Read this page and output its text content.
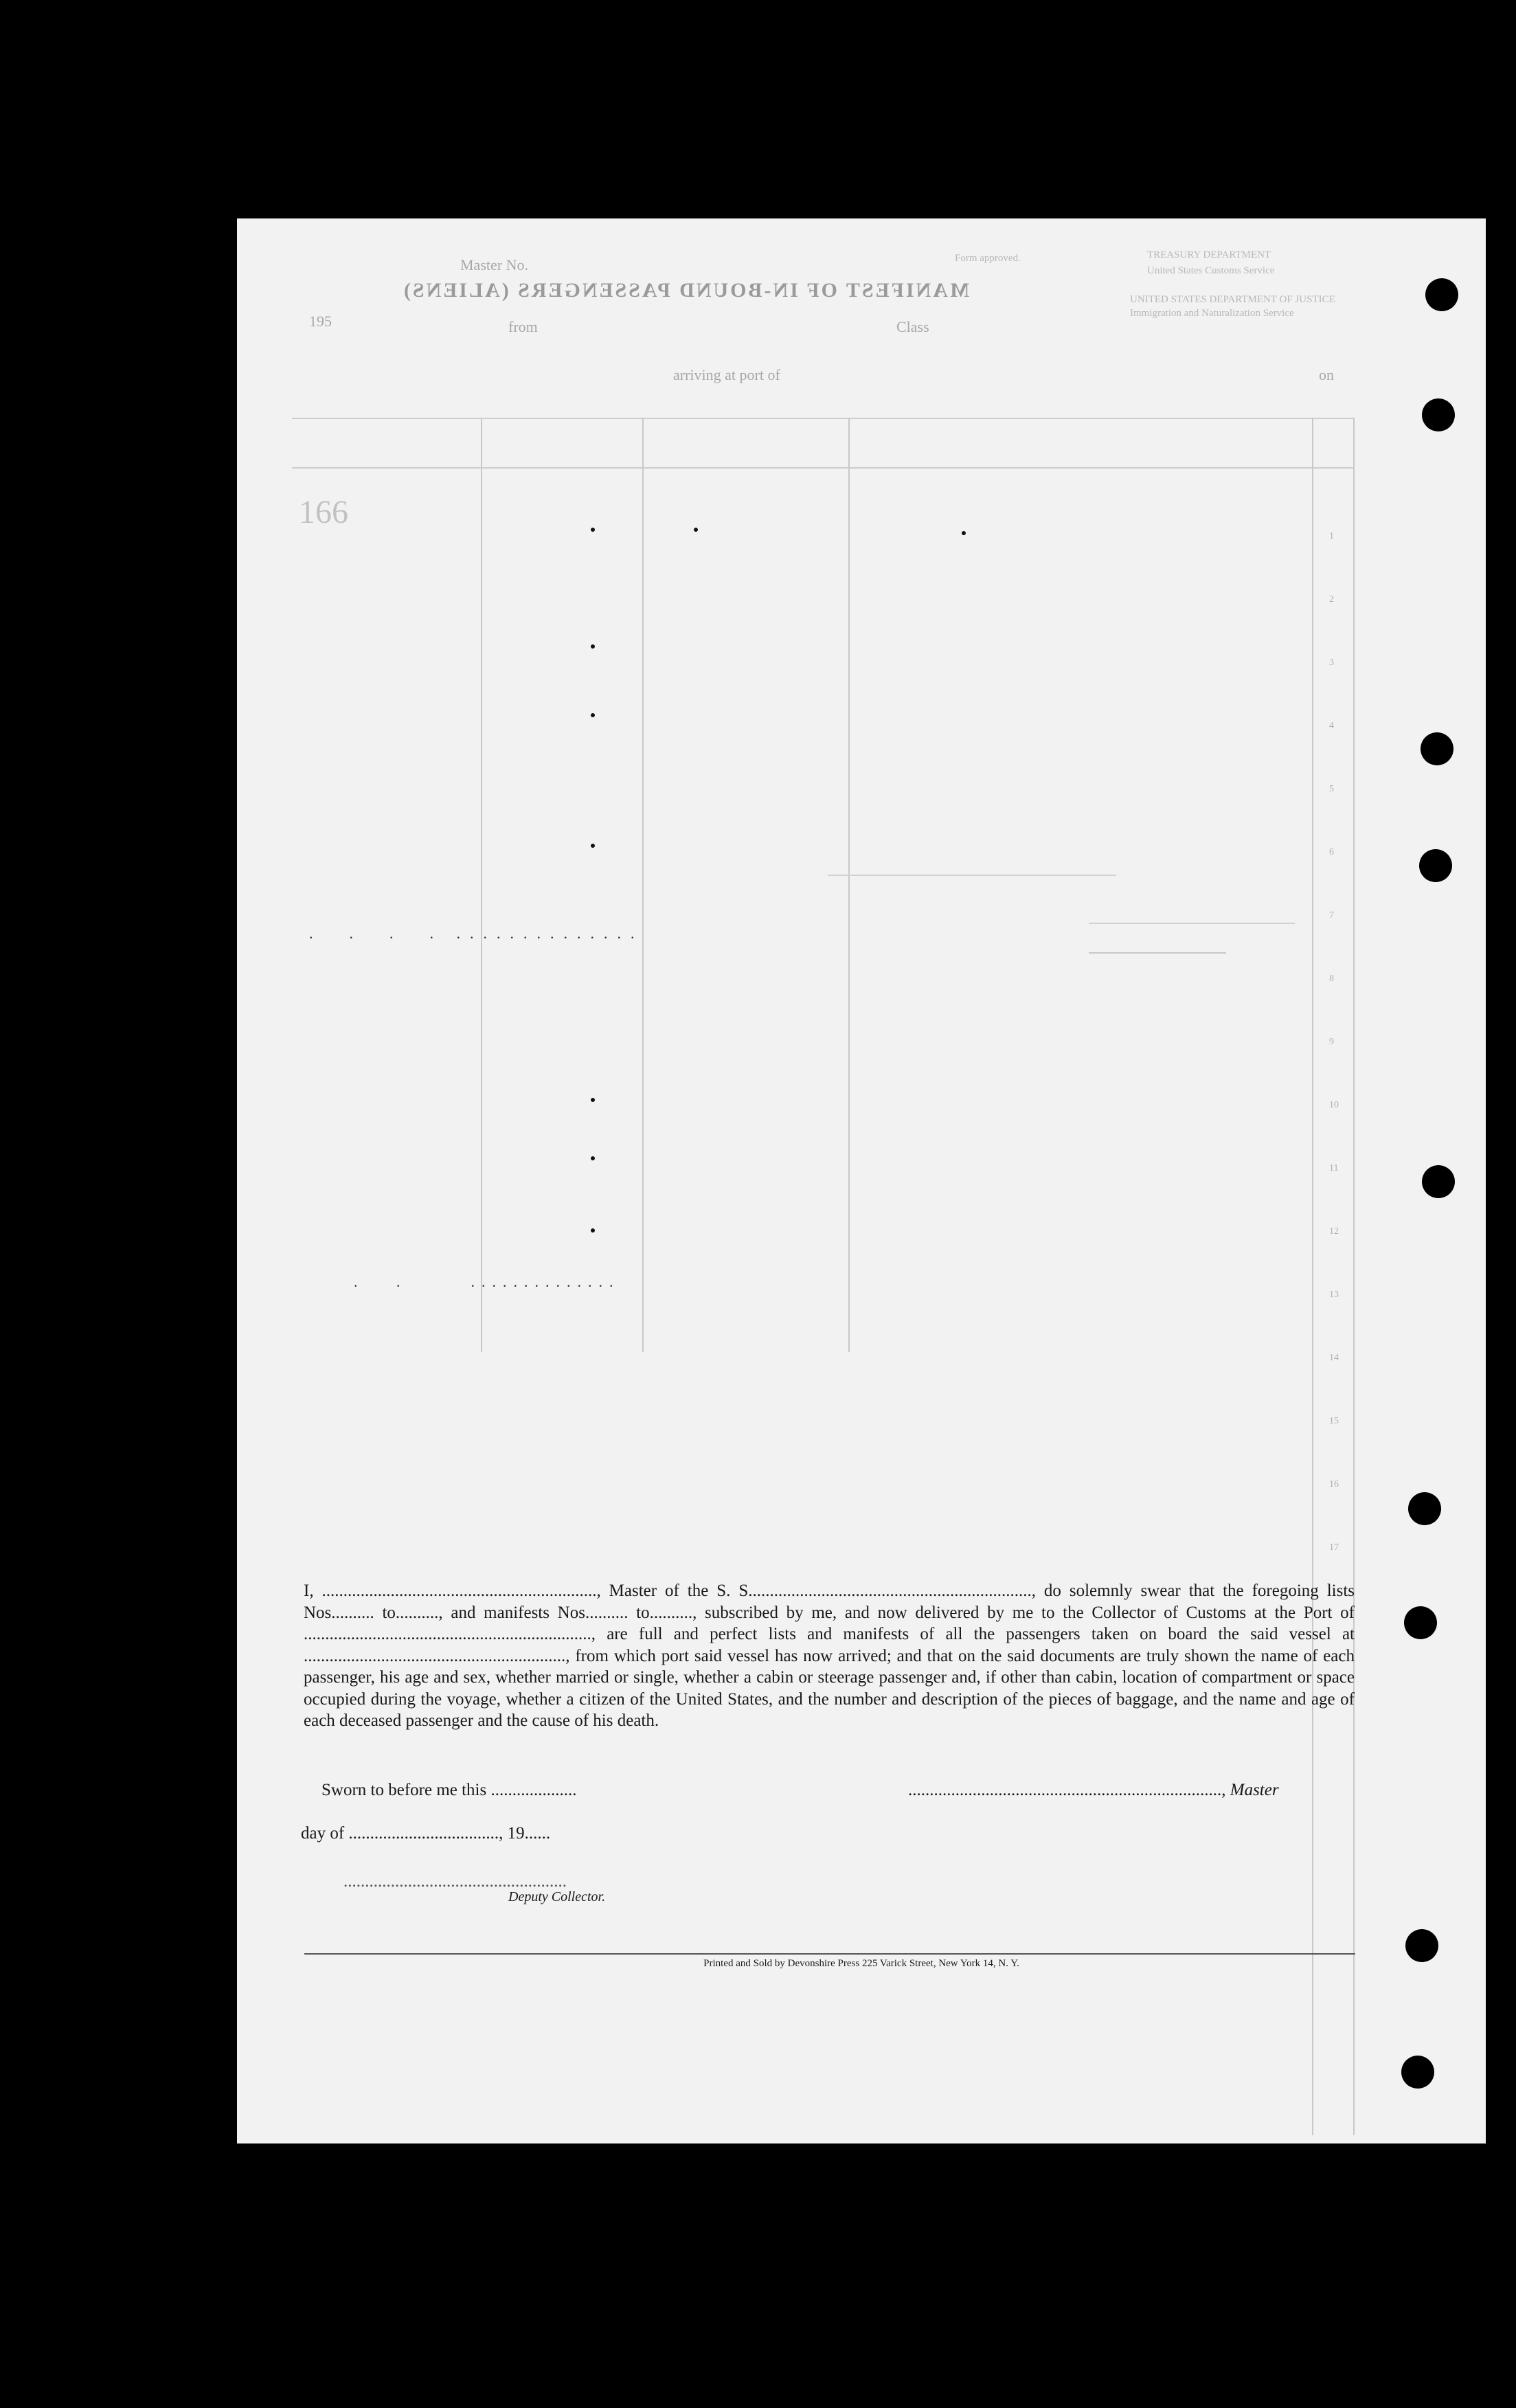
Master No.
MANIFEST OF IN-BOUND PASSENGERS (ALIENS)
Class
from
arriving at port of	on
TREASURY DEPARTMENT
United States Customs Service
UNITED STATES DEPARTMENT OF JUSTICE
Immigration and Naturalization Service
Form approved.
195
166
1
2
3
4
5
6
7
8
9
10
11
12
13
14
15
16
17
.  .  .  . ..............
.   .      ..............

I, ................................................................, Master of the S. S.................................................................., do solemnly swear that the foregoing lists Nos.......... to.........., and manifests Nos.......... to.........., subscribed by me, and now delivered by me to the Collector of Customs at the Port of ..................................................................., are full and perfect lists and manifests of all the passengers taken on board the said vessel at ............................................................., from which port said vessel has now arrived; and that on the said documents are truly shown the name of each passenger, his age and sex, whether married or single, whether a cabin or steerage passenger and, if other than cabin, location of compartment or space occupied during the voyage, whether a citizen of the United States, and the number and description of the pieces of baggage, and the name and age of each deceased passenger and the cause of his death.

Sworn to before me this ....................	........................................................................., Master
day of ..................................., 19......
....................................................
Deputy Collector.
Printed and Sold by Devonshire Press 225 Varick Street, New York 14, N. Y.
